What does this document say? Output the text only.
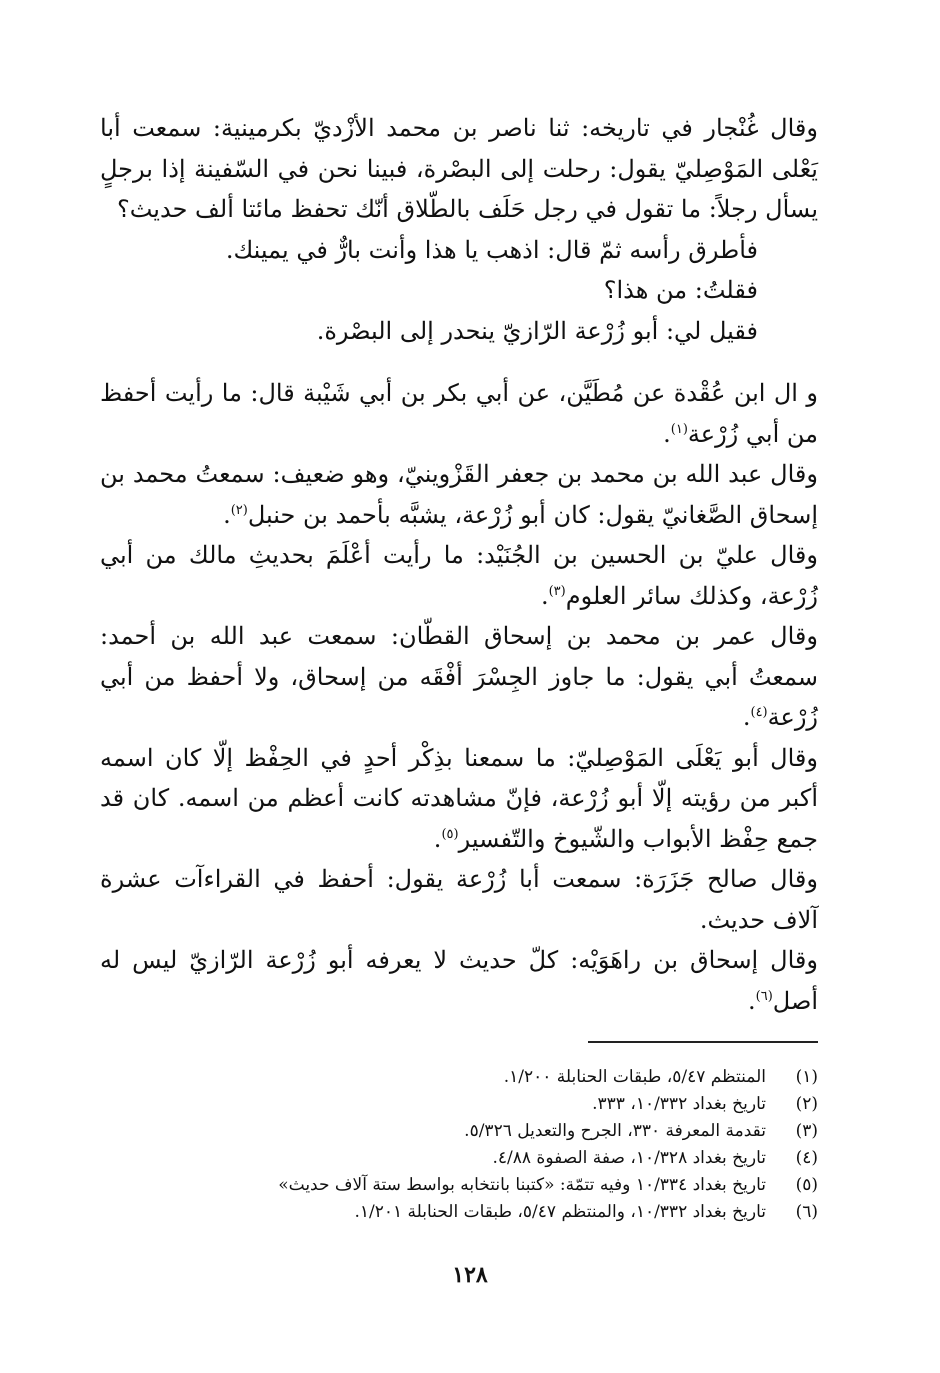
وقال غُنْجار في تاريخه: ثنا ناصر بن محمد الأزْديّ بكرمينية: سمعت أبا يَعْلى المَوْصِليّ يقول: رحلت إلى البصْرة، فبينا نحن في السّفينة إذا برجلٍ يسأل رجلاً: ما تقول في رجل حَلَف بالطّلاق أنّك تحفظ مائتا ألف حديث؟

فأطرق رأسه ثمّ قال: اذهب يا هذا وأنت بارٌّ في يمينك.

فقلتُ: من هذا؟

فقيل لي: أبو زُرْعة الرّازيّ ينحدر إلى البصْرة.

و ال ابن عُقْدة عن مُطَيَّن، عن أبي بكر بن أبي شَيْبة قال: ما رأيت أحفظ من أبي زُرْعة$^{(١)}$.

وقال عبد الله بن محمد بن جعفر القَزْوينيّ، وهو ضعيف: سمعتُ محمد بن إسحاق الصَّغانيّ يقول: كان أبو زُرْعة، يشبَّه بأحمد بن حنبل$^{(٢)}$.

وقال عليّ بن الحسين بن الجُنَيْد: ما رأيت أعْلَمَ بحديثِ مالك من أبي زُرْعة، وكذلك سائر العلوم$^{(٣)}$.

وقال عمر بن محمد بن إسحاق القطّان: سمعت عبد الله بن أحمد: سمعتُ أبي يقول: ما جاوز الجِسْرَ أفْقَه من إسحاق، ولا أحفظ من أبي زُرْعة$^{(٤)}$.

وقال أبو يَعْلَى المَوْصِليّ: ما سمعنا بذِكْر أحدٍ في الحِفْظ إلّا كان اسمه أكبر من رؤيته إلّا أبو زُرْعة، فإنّ مشاهدته كانت أعظم من اسمه. كان قد جمع حِفْظ الأبواب والشّيوخ والتّفسير$^{(٥)}$.

وقال صالح جَزَرَة: سمعت أبا زُرْعة يقول: أحفظ في القراءآت عشرة آلاف حديث.

وقال إسحاق بن راهَوَيْه: كلّ حديث لا يعرفه أبو زُرْعة الرّازيّ ليس له أصل$^{(٦)}$.

(١)
المنتظم ٥/٤٧، طبقات الحنابلة ١/٢٠٠.
(٢)
تاريخ بغداد ١٠/٣٣٢، ٣٣٣.
(٣)
تقدمة المعرفة ٣٣٠، الجرح والتعديل ٥/٣٢٦.
(٤)
تاريخ بغداد ١٠/٣٢٨، صفة الصفوة ٤/٨٨.
(٥)
تاريخ بغداد ١٠/٣٣٤ وفيه تتمّة: «كتبنا بانتخابه بواسط ستة آلاف حديث»
(٦)
تاريخ بغداد ١٠/٣٣٢، والمنتظم ٥/٤٧، طبقات الحنابلة ١/٢٠١.
١٢٨
